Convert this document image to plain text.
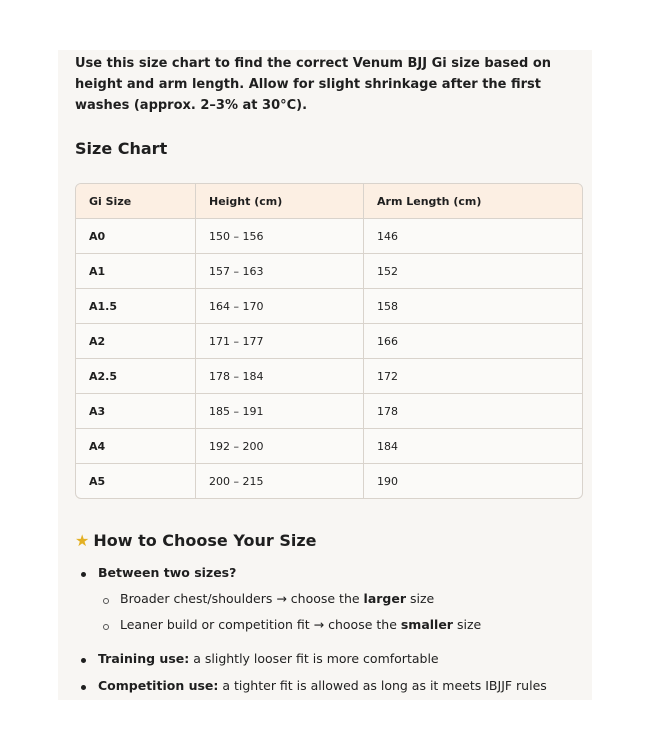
Use this size chart to find the correct Venum BJJ Gi size based on height and arm length. Allow for slight shrinkage after the first washes (approx. 2–3% at 30°C).

Size Chart
Gi Size	Height (cm)	Arm Length (cm)
A0	150 – 156	146
A1	157 – 163	152
A1.5	164 – 170	158
A2	171 – 177	166
A2.5	178 – 184	172
A3	185 – 191	178
A4	192 – 200	184
A5	200 – 215	190
★ How to Choose Your Size
Between two sizes?
Broader chest/shoulders → choose the larger size
Leaner build or competition fit → choose the smaller size
Training use: a slightly looser fit is more comfortable
Competition use: a tighter fit is allowed as long as it meets IBJJF rules
